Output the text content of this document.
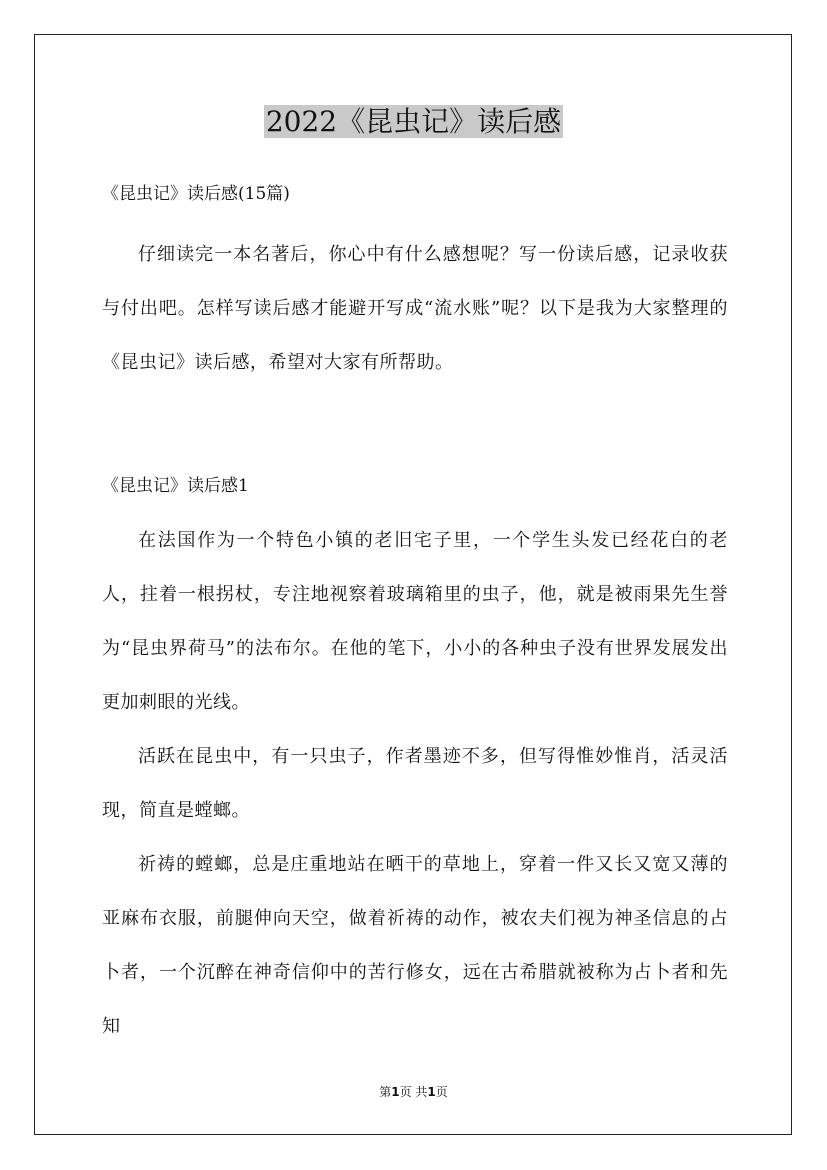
2022《昆虫记》读后感

《昆虫记》读后感(15篇)

仔细读完一本名著后，你心中有什么感想呢？写一份读后感，记录收获与付出吧。怎样写读后感才能避开写成“流水账”呢？以下是我为大家整理的《昆虫记》读后感，希望对大家有所帮助。

《昆虫记》读后感1

在法国作为一个特色小镇的老旧宅子里，一个学生头发已经花白的老人，拄着一根拐杖，专注地视察着玻璃箱里的虫子，他，就是被雨果先生誉为“昆虫界荷马”的法布尔。在他的笔下，小小的各种虫子没有世界发展发出更加刺眼的光线。

活跃在昆虫中，有一只虫子，作者墨迹不多，但写得惟妙惟肖，活灵活现，简直是螳螂。

祈祷的螳螂，总是庄重地站在晒干的草地上，穿着一件又长又宽又薄的亚麻布衣服，前腿伸向天空，做着祈祷的动作，被农夫们视为神圣信息的占卜者，一个沉醉在神奇信仰中的苦行修女，远在古希腊就被称为占卜者和先知

第1页 共1页
